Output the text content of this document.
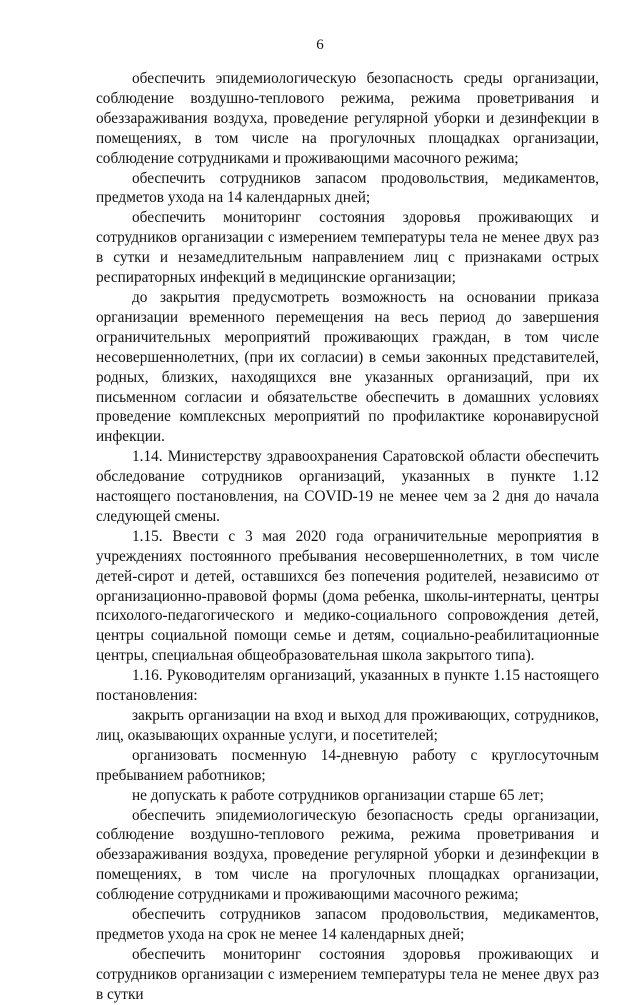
6

обеспечить эпидемиологическую безопасность среды организации, соблюдение воздушно-теплового режима, режима проветривания и обеззараживания воздуха, проведение регулярной уборки и дезинфекции в помещениях, в том числе на прогулочных площадках организации, соблюдение сотрудниками и проживающими масочного режима;

обеспечить сотрудников запасом продовольствия, медикаментов, предметов ухода на 14 календарных дней;

обеспечить мониторинг состояния здоровья проживающих и сотрудников организации с измерением температуры тела не менее двух раз в сутки и незамедлительным направлением лиц с признаками острых респираторных инфекций в медицинские организации;

до закрытия предусмотреть возможность на основании приказа организации временного перемещения на весь период до завершения ограничительных мероприятий проживающих граждан, в том числе несовершеннолетних, (при их согласии) в семьи законных представителей, родных, близких, находящихся вне указанных организаций, при их письменном согласии и обязательстве обеспечить в домашних условиях проведение комплексных мероприятий по профилактике коронавирусной инфекции.

1.14. Министерству здравоохранения Саратовской области обеспечить обследование сотрудников организаций, указанных в пункте 1.12 настоящего постановления, на COVID-19 не менее чем за 2 дня до начала следующей смены.

1.15. Ввести с 3 мая 2020 года ограничительные мероприятия в учреждениях постоянного пребывания несовершеннолетних, в том числе детей-сирот и детей, оставшихся без попечения родителей, независимо от организационно-правовой формы (дома ребенка, школы-интернаты, центры психолого-педагогического и медико-социального сопровождения детей, центры социальной помощи семье и детям, социально-реабилитационные центры, специальная общеобразовательная школа закрытого типа).

1.16. Руководителям организаций, указанных в пункте 1.15 настоящего постановления:

закрыть организации на вход и выход для проживающих, сотрудников, лиц, оказывающих охранные услуги, и посетителей;

организовать посменную 14-дневную работу с круглосуточным пребыванием работников;

не допускать к работе сотрудников организации старше 65 лет;

обеспечить эпидемиологическую безопасность среды организации, соблюдение воздушно-теплового режима, режима проветривания и обеззараживания воздуха, проведение регулярной уборки и дезинфекции в помещениях, в том числе на прогулочных площадках организации, соблюдение сотрудниками и проживающими масочного режима;

обеспечить сотрудников запасом продовольствия, медикаментов, предметов ухода на срок не менее 14 календарных дней;

обеспечить мониторинг состояния здоровья проживающих и сотрудников организации с измерением температуры тела не менее двух раз в сутки
